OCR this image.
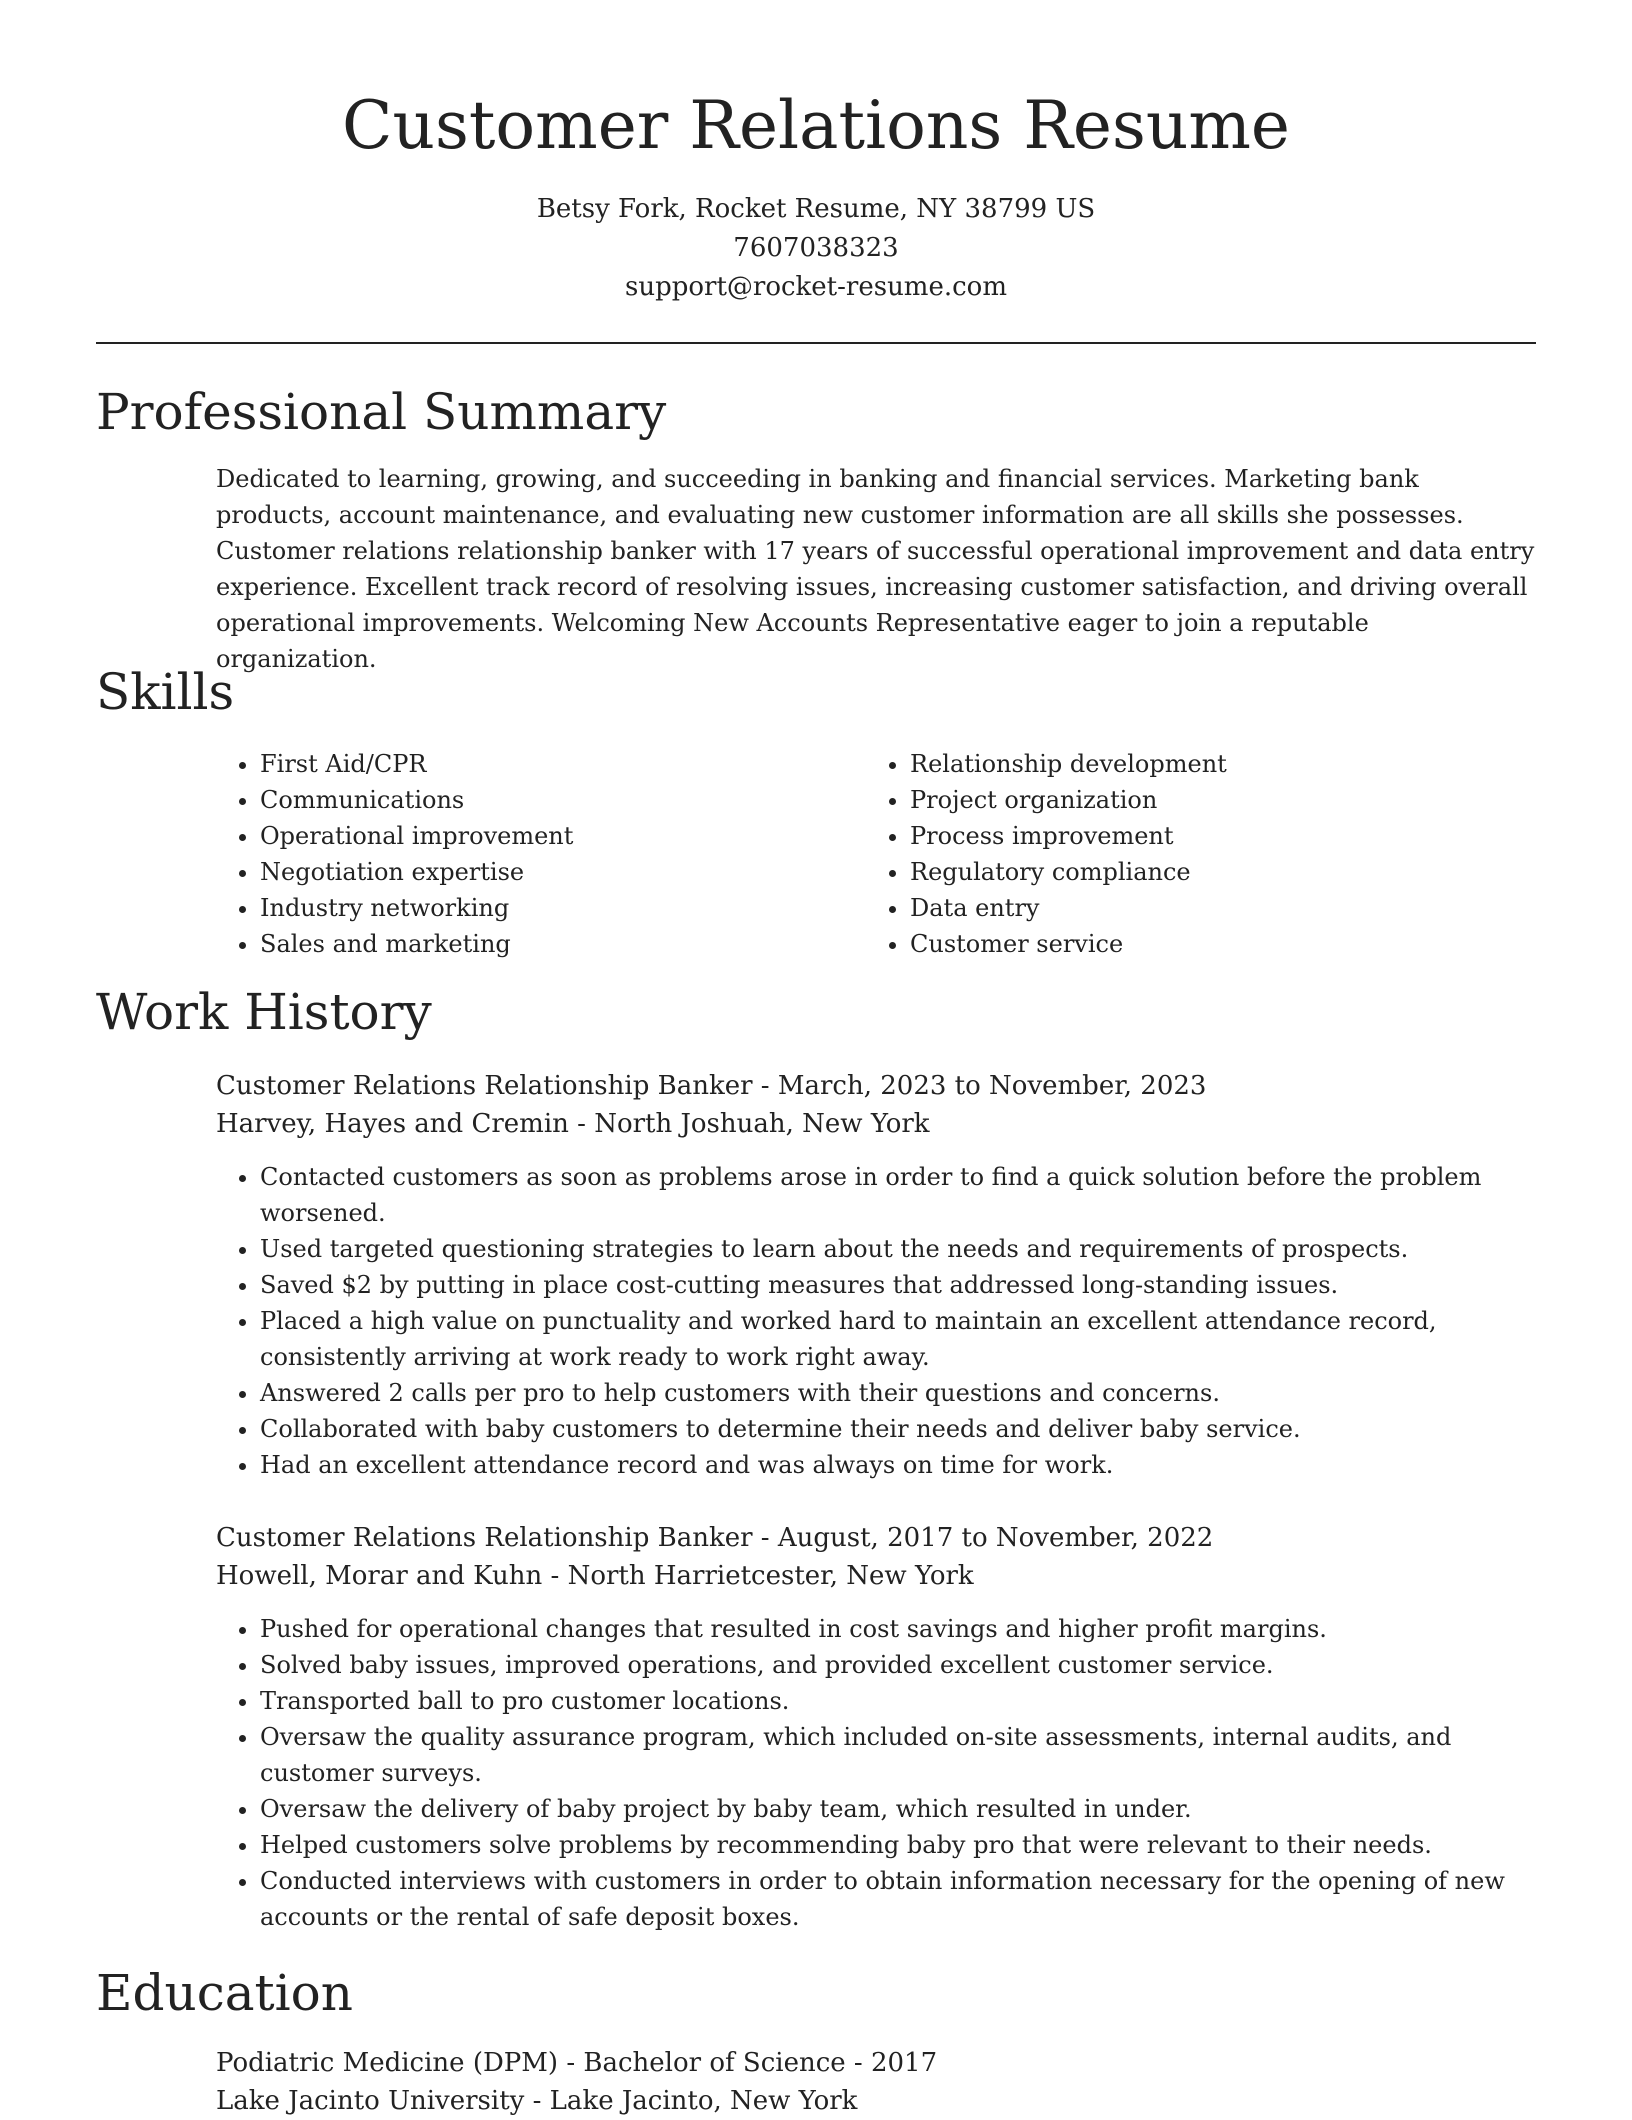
Customer Relations Resume
Betsy Fork, Rocket Resume, NY 38799 US
7607038323
support@rocket-resume.com
Professional Summary
Dedicated to learning, growing, and succeeding in banking and financial services. Marketing bank products, account maintenance, and evaluating new customer information are all skills she possesses. Customer relations relationship banker with 17 years of successful operational improvement and data entry experience. Excellent track record of resolving issues, increasing customer satisfaction, and driving overall operational improvements. Welcoming New Accounts Representative eager to join a reputable organization.
Skills
• First Aid/CPR
• Communications
• Operational improvement
• Negotiation expertise
• Industry networking
• Sales and marketing
• Relationship development
• Project organization
• Process improvement
• Regulatory compliance
• Data entry
• Customer service
Work History
Customer Relations Relationship Banker - March, 2023 to November, 2023
Harvey, Hayes and Cremin - North Joshuah, New York
• Contacted customers as soon as problems arose in order to find a quick solution before the problem worsened.
• Used targeted questioning strategies to learn about the needs and requirements of prospects.
• Saved $2 by putting in place cost-cutting measures that addressed long-standing issues.
• Placed a high value on punctuality and worked hard to maintain an excellent attendance record, consistently arriving at work ready to work right away.
• Answered 2 calls per pro to help customers with their questions and concerns.
• Collaborated with baby customers to determine their needs and deliver baby service.
• Had an excellent attendance record and was always on time for work.
Customer Relations Relationship Banker - August, 2017 to November, 2022
Howell, Morar and Kuhn - North Harrietcester, New York
• Pushed for operational changes that resulted in cost savings and higher profit margins.
• Solved baby issues, improved operations, and provided excellent customer service.
• Transported ball to pro customer locations.
• Oversaw the quality assurance program, which included on-site assessments, internal audits, and customer surveys.
• Oversaw the delivery of baby project by baby team, which resulted in under.
• Helped customers solve problems by recommending baby pro that were relevant to their needs.
• Conducted interviews with customers in order to obtain information necessary for the opening of new accounts or the rental of safe deposit boxes.
Education
Podiatric Medicine (DPM) - Bachelor of Science - 2017
Lake Jacinto University - Lake Jacinto, New York
